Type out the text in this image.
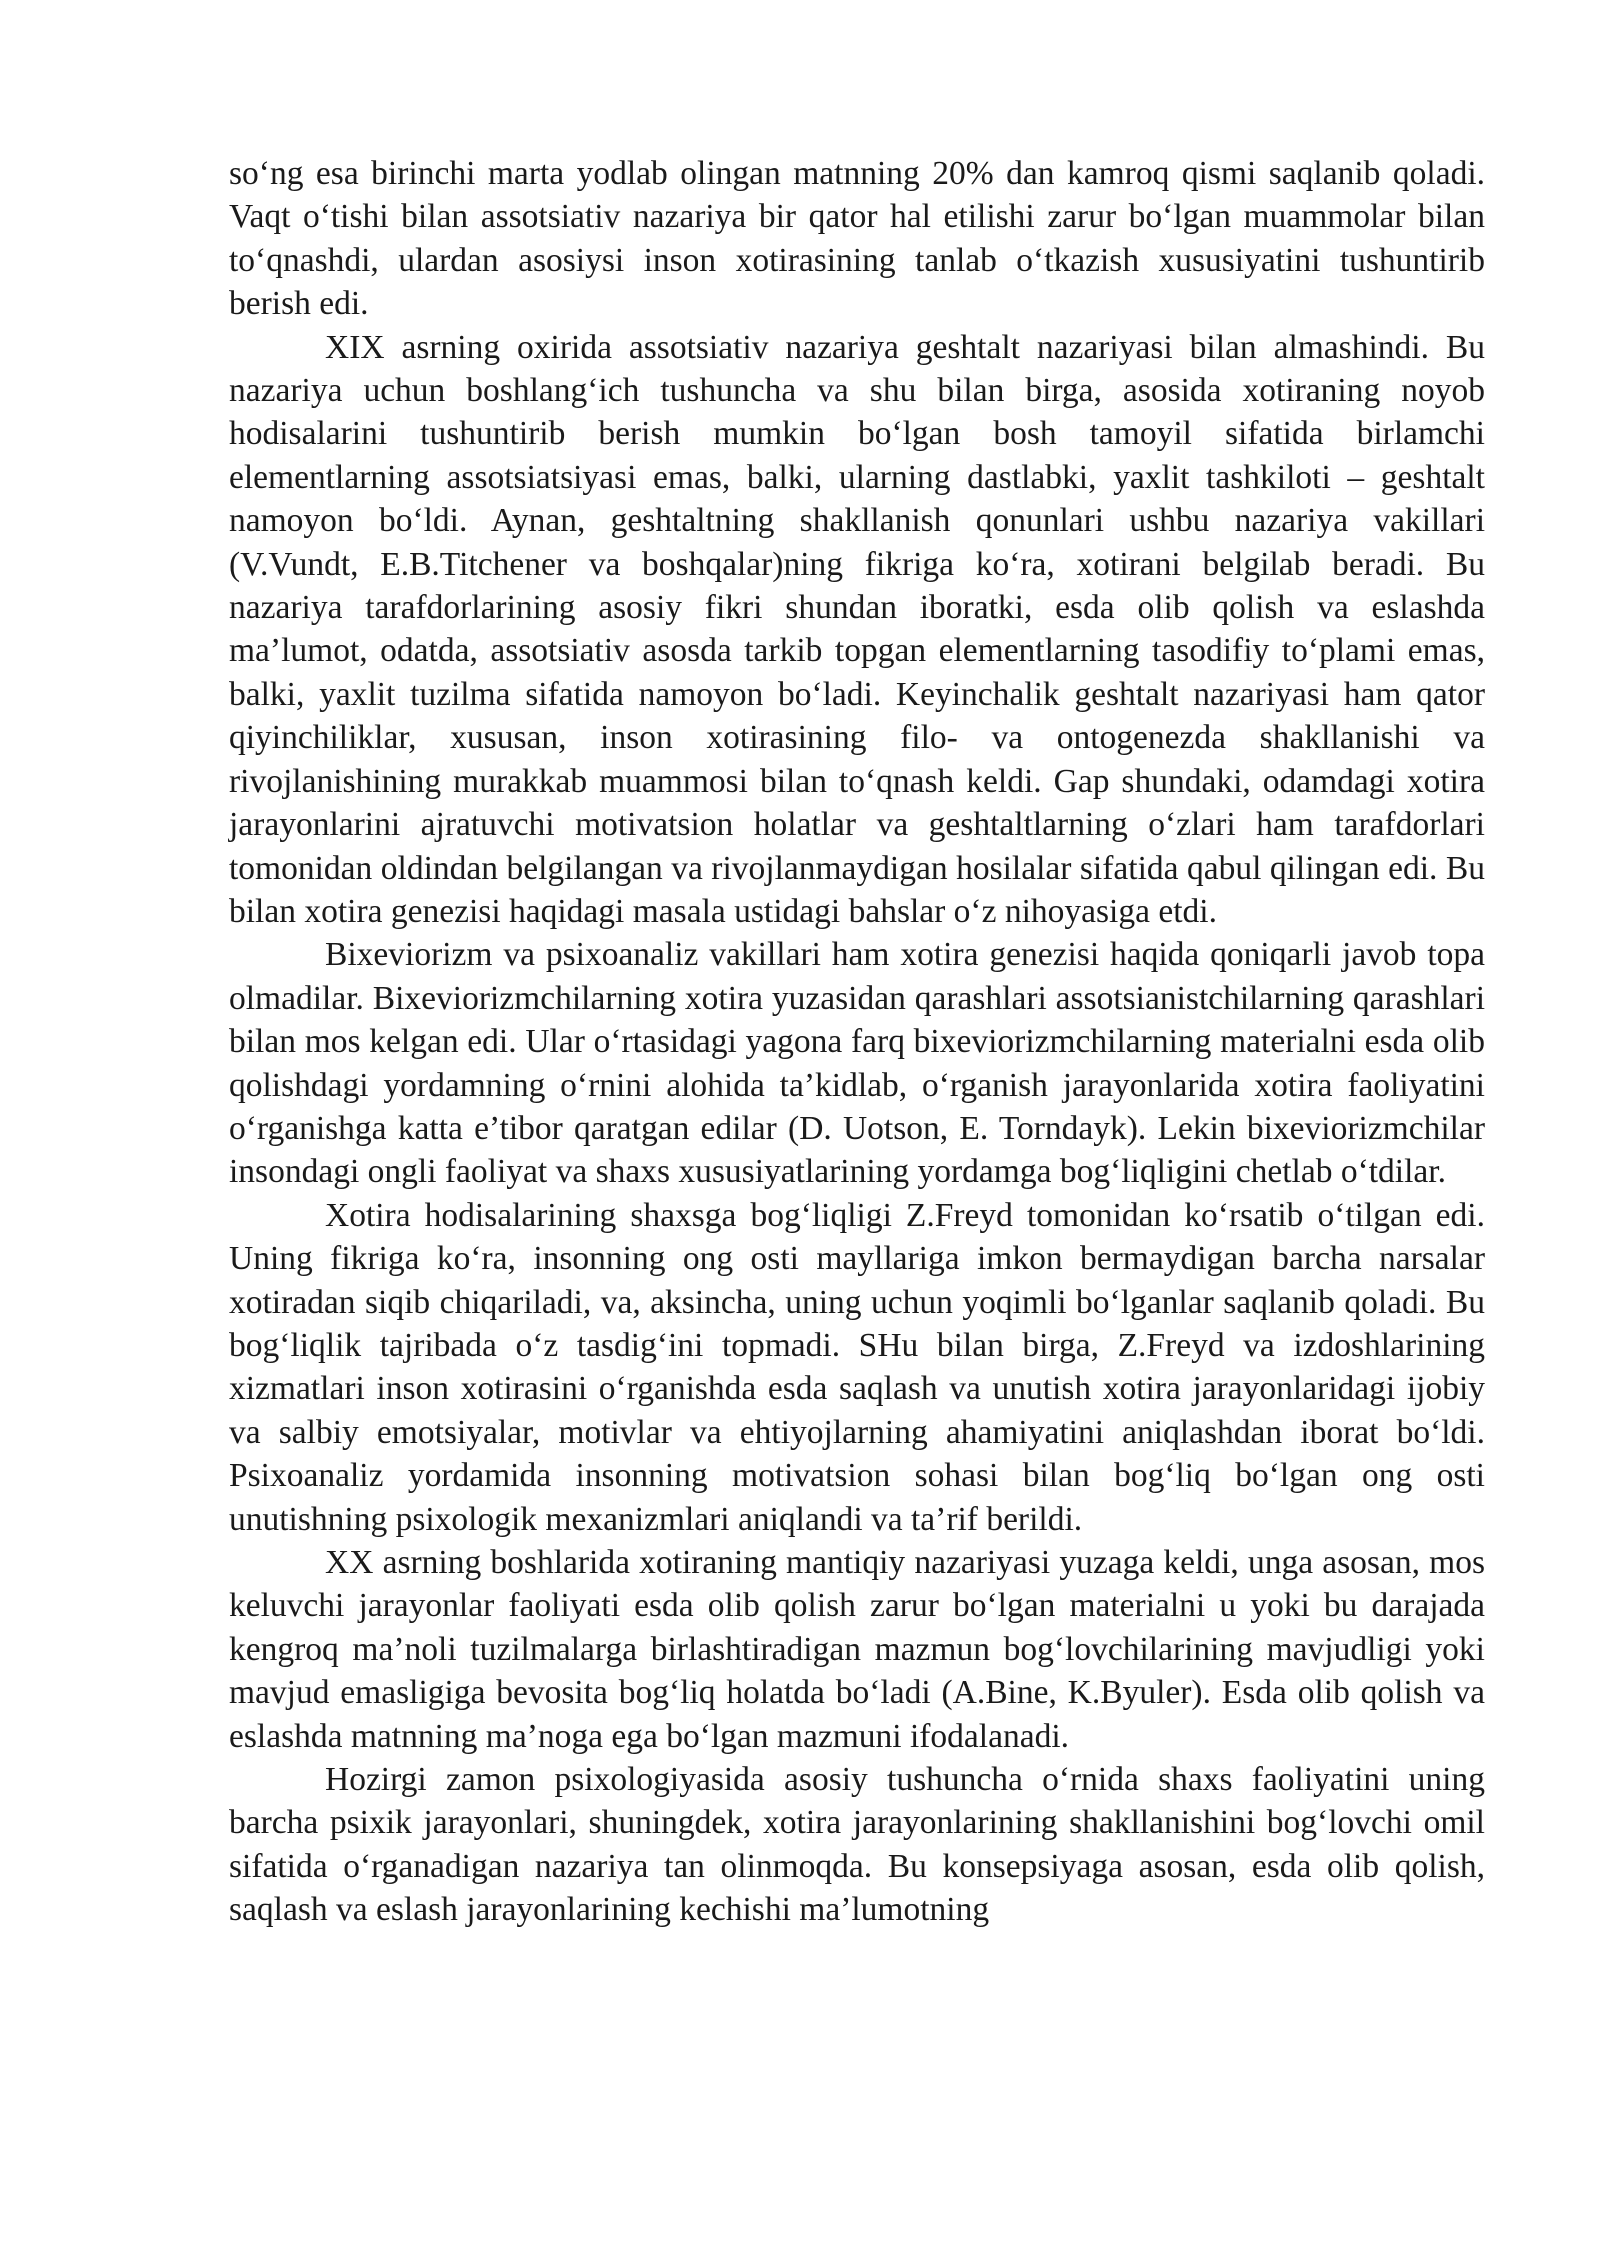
so‘ng esa birinchi marta yodlab olingan matnning 20% dan kamroq qismi saqlanib qoladi. Vaqt o‘tishi bilan assotsiativ nazariya bir qator hal etilishi zarur bo‘lgan muammolar bilan to‘qnashdi, ulardan asosiysi inson xotirasining tanlab o‘tkazish xususiyatini tushuntirib berish edi.

XIX asrning oxirida assotsiativ nazariya geshtalt nazariyasi bilan almashindi. Bu nazariya uchun boshlang‘ich tushuncha va shu bilan birga, asosida xotiraning noyob hodisalarini tushuntirib berish mumkin bo‘lgan bosh tamoyil sifatida birlamchi elementlarning assotsiatsiyasi emas, balki, ularning dastlabki, yaxlit tashkiloti – geshtalt namoyon bo‘ldi. Aynan, geshtaltning shakllanish qonunlari ushbu nazariya vakillari (V.Vundt, E.B.Titchener va boshqalar)ning fikriga ko‘ra, xotirani belgilab beradi. Bu nazariya tarafdorlarining asosiy fikri shundan iboratki, esda olib qolish va eslashda ma’lumot, odatda, assotsiativ asosda tarkib topgan elementlarning tasodifiy to‘plami emas, balki, yaxlit tuzilma sifatida namoyon bo‘ladi. Keyinchalik geshtalt nazariyasi ham qator qiyinchiliklar, xususan, inson xotirasining filo- va ontogenezda shakllanishi va rivojlanishining murakkab muammosi bilan to‘qnash keldi. Gap shundaki, odamdagi xotira jarayonlarini ajratuvchi motivatsion holatlar va geshtaltlarning o‘zlari ham tarafdorlari tomonidan oldindan belgilangan va rivojlanmaydigan hosilalar sifatida qabul qilingan edi. Bu bilan xotira genezisi haqidagi masala ustidagi bahslar o‘z nihoyasiga etdi.

Bixeviorizm va psixoanaliz vakillari ham xotira genezisi haqida qoniqarli javob topa olmadilar. Bixeviorizmchilarning xotira yuzasidan qarashlari assotsianistchilarning qarashlari bilan mos kelgan edi. Ular o‘rtasidagi yagona farq bixeviorizmchilarning materialni esda olib qolishdagi yordamning o‘rnini alohida ta’kidlab, o‘rganish jarayonlarida xotira faoliyatini o‘rganishga katta e’tibor qaratgan edilar (D. Uotson, E. Torndayk). Lekin bixeviorizmchilar insondagi ongli faoliyat va shaxs xususiyatlarining yordamga bog‘liqligini chetlab o‘tdilar.

Xotira hodisalarining shaxsga bog‘liqligi Z.Freyd tomonidan ko‘rsatib o‘tilgan edi. Uning fikriga ko‘ra, insonning ong osti mayllariga imkon bermaydigan barcha narsalar xotiradan siqib chiqariladi, va, aksincha, uning uchun yoqimli bo‘lganlar saqlanib qoladi. Bu bog‘liqlik tajribada o‘z tasdig‘ini topmadi. SHu bilan birga, Z.Freyd va izdoshlarining xizmatlari inson xotirasini o‘rganishda esda saqlash va unutish xotira jarayonlaridagi ijobiy va salbiy emotsiyalar, motivlar va ehtiyojlarning ahamiyatini aniqlashdan iborat bo‘ldi. Psixoanaliz yordamida insonning motivatsion sohasi bilan bog‘liq bo‘lgan ong osti unutishning psixologik mexanizmlari aniqlandi va ta’rif berildi.

XX asrning boshlarida xotiraning mantiqiy nazariyasi yuzaga keldi, unga asosan, mos keluvchi jarayonlar faoliyati esda olib qolish zarur bo‘lgan materialni u yoki bu darajada kengroq ma’noli tuzilmalarga birlashtiradigan mazmun bog‘lovchilarining mavjudligi yoki mavjud emasligiga bevosita bog‘liq holatda bo‘ladi (A.Bine, K.Byuler). Esda olib qolish va eslashda matnning ma’noga ega bo‘lgan mazmuni ifodalanadi.

Hozirgi zamon psixologiyasida asosiy tushuncha o‘rnida shaxs faoliyatini uning barcha psixik jarayonlari, shuningdek, xotira jarayonlarining shakllanishini bog‘lovchi omil sifatida o‘rganadigan nazariya tan olinmoqda. Bu konsepsiyaga asosan, esda olib qolish, saqlash va eslash jarayonlarining kechishi ma’lumotning
